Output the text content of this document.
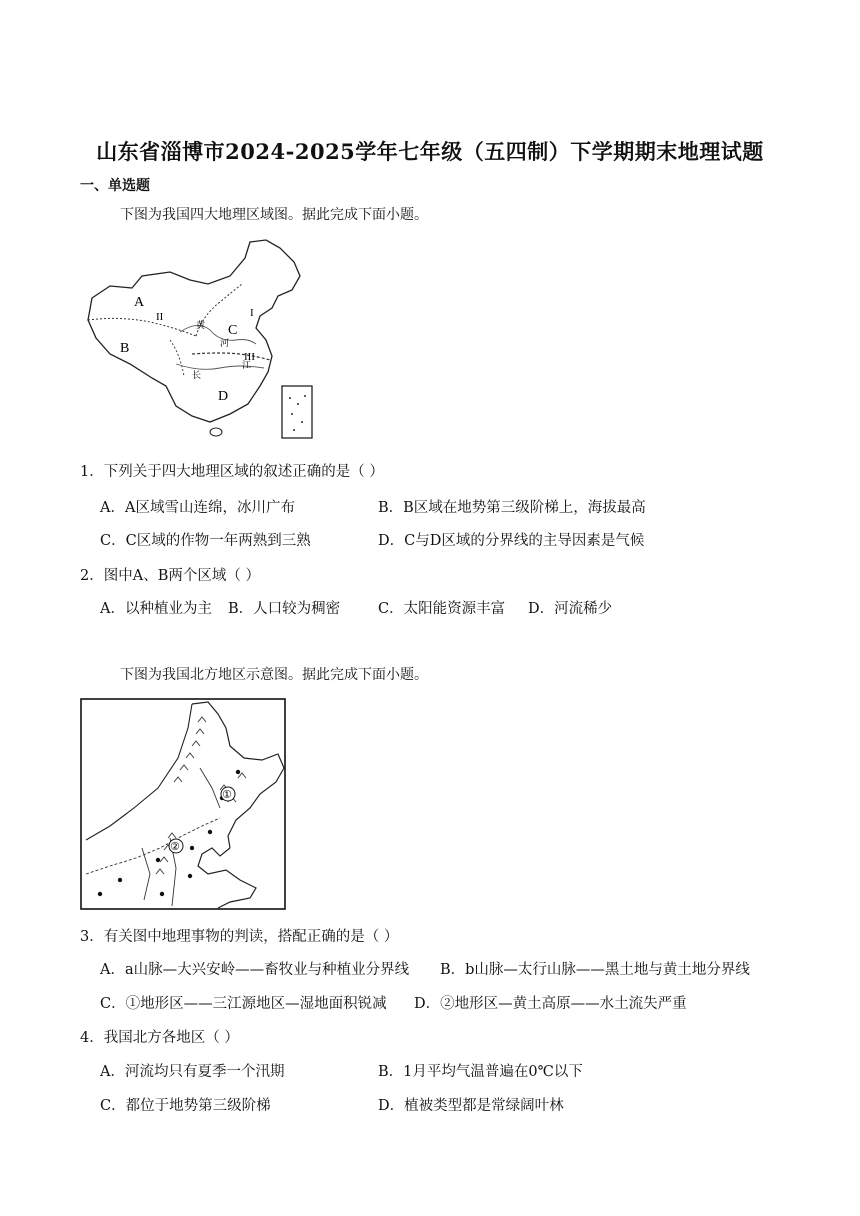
山东省淄博市2024-2025学年七年级（五四制）下学期期末地理试题
一、单选题
下图为我国四大地理区域图。据此完成下面小题。
A
B
C
D
I
II
III
黄
河
长
江
1．下列关于四大地理区域的叙述正确的是（ ）
A．A区域雪山连绵，冰川广布	B．B区域在地势第三级阶梯上，海拔最高
C．C区域的作物一年两熟到三熟	D．C与D区域的分界线的主导因素是气候
2．图中A、B两个区域（ ）
A．以种植业为主 B．人口较为稠密	C．太阳能资源丰富 D．河流稀少
下图为我国北方地区示意图。据此完成下面小题。
①
②
3．有关图中地理事物的判读，搭配正确的是（ ）
A．a山脉—大兴安岭——畜牧业与种植业分界线 B．b山脉—太行山脉——黑土地与黄土地分界线
C．①地形区——三江源地区—湿地面积锐减 D．②地形区—黄土高原——水土流失严重
4．我国北方各地区（ ）
A．河流均只有夏季一个汛期	B．1月平均气温普遍在0℃以下
C．都位于地势第三级阶梯	D．植被类型都是常绿阔叶林
